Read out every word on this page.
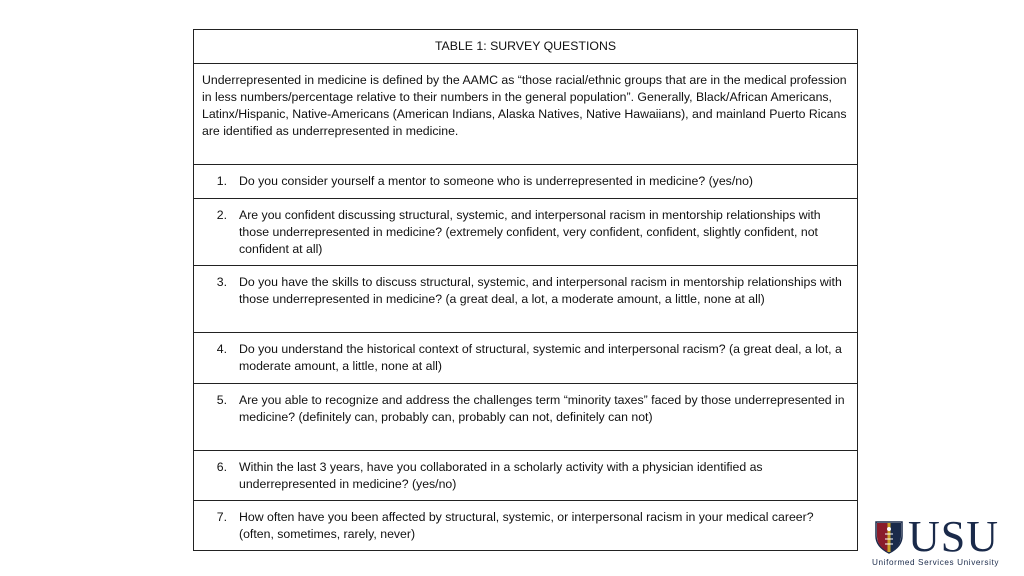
TABLE 1: SURVEY QUESTIONS
Underrepresented in medicine is defined by the AAMC as “those racial/ethnic groups that are in the medical profession in less numbers/percentage relative to their numbers in the general population”. Generally, Black/African Americans, Latinx/Hispanic, Native-Americans (American Indians, Alaska Natives, Native Hawaiians), and mainland Puerto Ricans are identified as underrepresented in medicine.
1. Do you consider yourself a mentor to someone who is underrepresented in medicine? (yes/no)
2. Are you confident discussing structural, systemic, and interpersonal racism in mentorship relationships with those underrepresented in medicine? (extremely confident, very confident, confident, slightly confident, not confident at all)
3. Do you have the skills to discuss structural, systemic, and interpersonal racism in mentorship relationships with those underrepresented in medicine? (a great deal, a lot, a moderate amount, a little, none at all)
4. Do you understand the historical context of structural, systemic and interpersonal racism? (a great deal, a lot, a moderate amount, a little, none at all)
5. Are you able to recognize and address the challenges term “minority taxes” faced by those underrepresented in medicine? (definitely can, probably can, probably can not, definitely can not)
6. Within the last 3 years, have you collaborated in a scholarly activity with a physician identified as underrepresented in medicine? (yes/no)
7. How often have you been affected by structural, systemic, or interpersonal racism in your medical career? (often, sometimes, rarely, never)	USU
Uniformed Services University
